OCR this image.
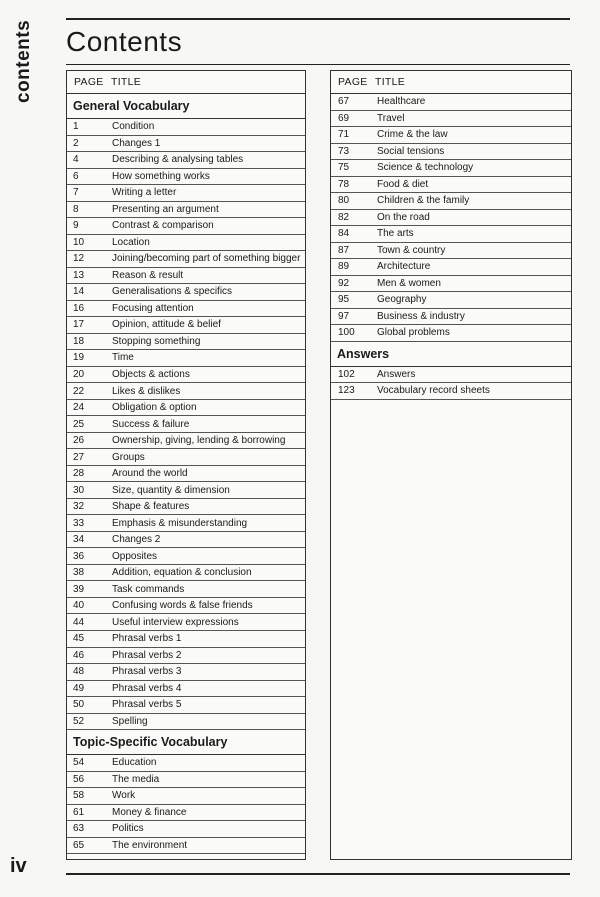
contents Contents
PAGE TITLE
General Vocabulary
1	Condition
2	Changes 1
4	Describing & analysing tables
6	How something works
7	Writing a letter
8	Presenting an argument
9	Contrast & comparison
10	Location
12	Joining/becoming part of something bigger
13	Reason & result
14	Generalisations & specifics
16	Focusing attention
17	Opinion, attitude & belief
18	Stopping something
19	Time
20	Objects & actions
22	Likes & dislikes
24	Obligation & option
25	Success & failure
26	Ownership, giving, lending & borrowing
27	Groups
28	Around the world
30	Size, quantity & dimension
32	Shape & features
33	Emphasis & misunderstanding
34	Changes 2
36	Opposites
38	Addition, equation & conclusion
39	Task commands
40	Confusing words & false friends
44	Useful interview expressions
45	Phrasal verbs 1
46	Phrasal verbs 2
48	Phrasal verbs 3
49	Phrasal verbs 4
50	Phrasal verbs 5
52	Spelling
Topic-Specific Vocabulary
54	Education
56	The media
58	Work
61	Money & finance
63	Politics
65	The environment
PAGE TITLE
67	Healthcare
69	Travel
71	Crime & the law
73	Social tensions
75	Science & technology
78	Food & diet
80	Children & the family
82	On the road
84	The arts
87	Town & country
89	Architecture
92	Men & women
95	Geography
97	Business & industry
100	Global problems
Answers
102	Answers
123	Vocabulary record sheets
iv
